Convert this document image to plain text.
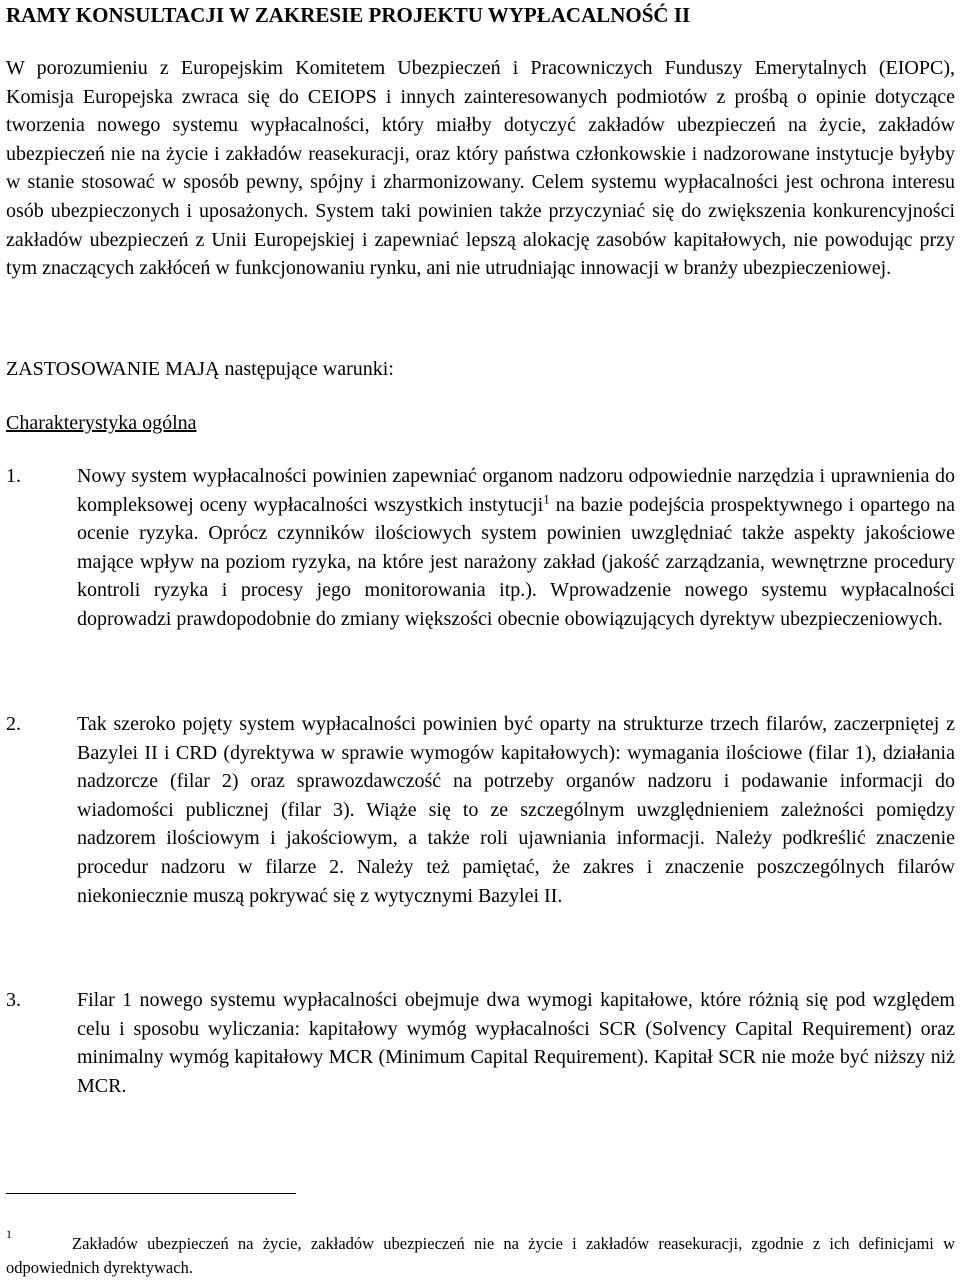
RAMY KONSULTACJI W ZAKRESIE PROJEKTU WYPŁACALNOŚĆ II

W porozumieniu z Europejskim Komitetem Ubezpieczeń i Pracowniczych Funduszy Emerytalnych (EIOPC), Komisja Europejska zwraca się do CEIOPS i innych zainteresowanych podmiotów z prośbą o opinie dotyczące tworzenia nowego systemu wypłacalności, który miałby dotyczyć zakładów ubezpieczeń na życie, zakładów ubezpieczeń nie na życie i zakładów reasekuracji, oraz który państwa członkowskie i nadzorowane instytucje byłyby w stanie stosować w sposób pewny, spójny i zharmonizowany. Celem systemu wypłacalności jest ochrona interesu osób ubezpieczonych i uposażonych. System taki powinien także przyczyniać się do zwiększenia konkurencyjności zakładów ubezpieczeń z Unii Europejskiej i zapewniać lepszą alokację zasobów kapitałowych, nie powodując przy tym znaczących zakłóceń w funkcjonowaniu rynku, ani nie utrudniając innowacji w branży ubezpieczeniowej.

ZASTOSOWANIE MAJĄ następujące warunki:

Charakterystyka ogólna

1.	Nowy system wypłacalności powinien zapewniać organom nadzoru odpowiednie narzędzia i uprawnienia do kompleksowej oceny wypłacalności wszystkich instytucji$^1$ na bazie podejścia prospektywnego i opartego na ocenie ryzyka. Oprócz czynników ilościowych system powinien uwzględniać także aspekty jakościowe mające wpływ na poziom ryzyka, na które jest narażony zakład (jakość zarządzania, wewnętrzne procedury kontroli ryzyka i procesy jego monitorowania itp.). Wprowadzenie nowego systemu wypłacalności doprowadzi prawdopodobnie do zmiany większości obecnie obowiązujących dyrektyw ubezpieczeniowych.
2.	Tak szeroko pojęty system wypłacalności powinien być oparty na strukturze trzech filarów, zaczerpniętej z Bazylei II i CRD (dyrektywa w sprawie wymogów kapitałowych): wymagania ilościowe (filar 1), działania nadzorcze (filar 2) oraz sprawozdawczość na potrzeby organów nadzoru i podawanie informacji do wiadomości publicznej (filar 3). Wiąże się to ze szczególnym uwzględnieniem zależności pomiędzy nadzorem ilościowym i jakościowym, a także roli ujawniania informacji. Należy podkreślić znaczenie procedur nadzoru w filarze 2. Należy też pamiętać, że zakres i znaczenie poszczególnych filarów niekoniecznie muszą pokrywać się z wytycznymi Bazylei II.
3.	Filar 1 nowego systemu wypłacalności obejmuje dwa wymogi kapitałowe, które różnią się pod względem celu i sposobu wyliczania: kapitałowy wymóg wypłacalności SCR (Solvency Capital Requirement) oraz minimalny wymóg kapitałowy MCR (Minimum Capital Requirement). Kapitał SCR nie może być niższy niż MCR.

$^1$	Zakładów ubezpieczeń na życie, zakładów ubezpieczeń nie na życie i zakładów reasekuracji, zgodnie z ich definicjami w odpowiednich dyrektywach.
